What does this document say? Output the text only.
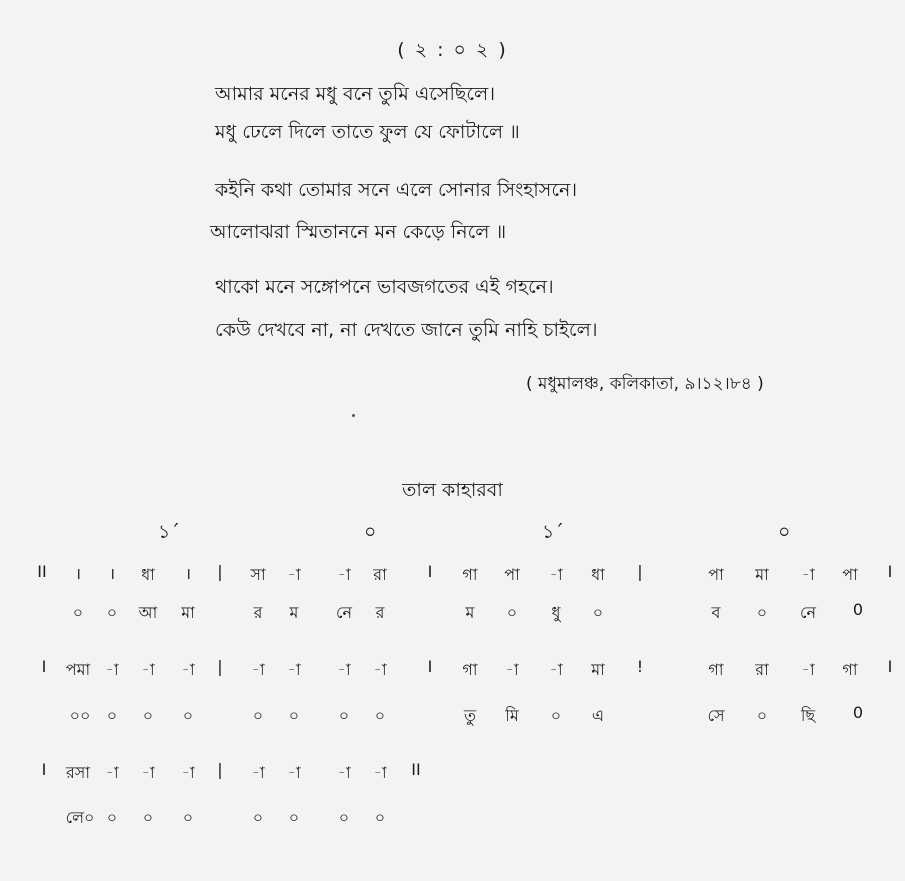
( ২ : ০ ২ )
আমার মনের মধু বনে তুমি এসেছিলে।
মধু ঢেলে দিলে তাতে ফুল যে ফোটালে ॥
কইনি কথা তোমার সনে এলে সোনার সিংহাসনে।
আলোঝরা স্মিতাননে মন কেড়ে নিলে ॥
থাকো মনে সঙ্গোপনে ভাবজগতের এই গহনে।
কেউ দেখবে না, না দেখতে জানে তুমি নাহি চাইলে।
( মধুমালঞ্চ, কলিকাতা, ৯।১২।৮৪ )
তাল কাহারবা
১´	০	১´	০
II । । ধা । | সা -া -া রা	I গা পা -া ধা |	পা মা -া পা I
০ ০ আ মা	র ম নে র	ম ০ ধু ০	ব ০ নে 0
I পমা -া -া -া | -া -া -া -া	I গা -া -া মা !	গা রা -া গা I
০০ ০ ০ ০	০ ০ ০ ০	তু মি ০ এ	সে ০ ছি 0
I রসা -া -া -া | -া -া -া -া II
লে০ ০ ০ ০	০ ০ ০ ০
